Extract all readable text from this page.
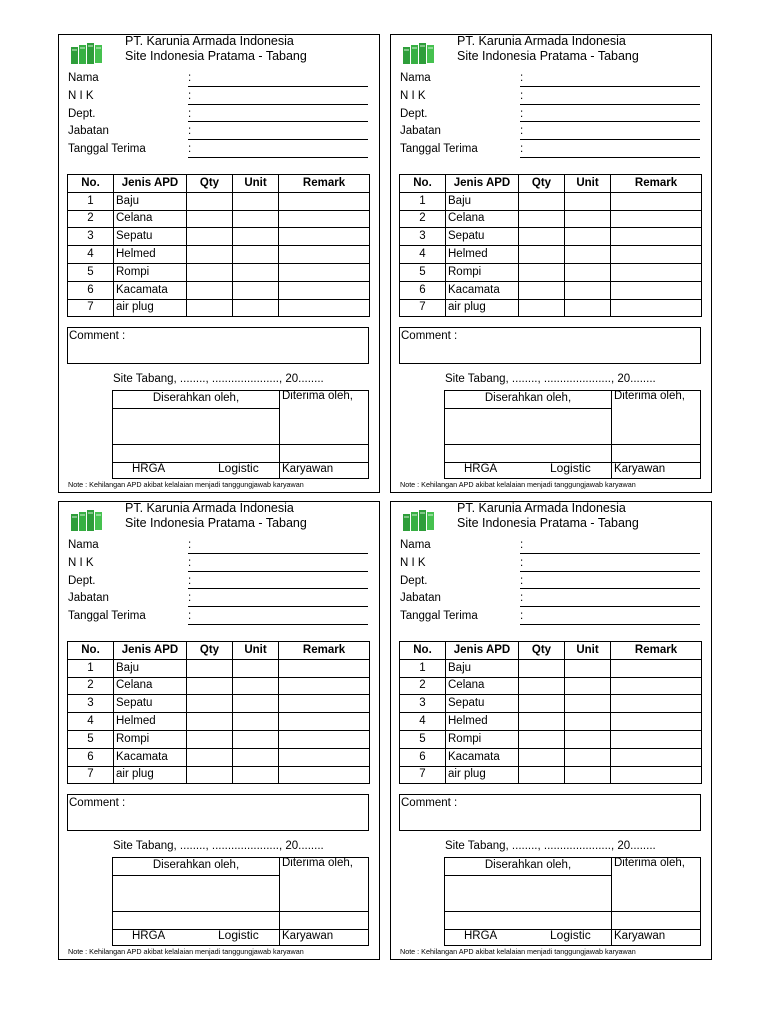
PT. Karunia Armada Indonesia
Site Indonesia Pratama - Tabang
Nama	:
N I K	:
Dept.	:
Jabatan	:
Tanggal Terima	:
No.	Jenis APD	Qty	Unit	Remark
1	Baju			
2	Celana			
3	Sepatu			
4	Helmed			
5	Rompi			
6	Kacamata			
7	air plug			
Comment :
Site Tabang, ........, ....................., 20........
Diserahkan oleh,	Diterima oleh,
HRGA	Logistic Karyawan
Note : Kehilangan APD akibat kelalaian menjadi tanggungjawab karyawan
PT. Karunia Armada Indonesia
Site Indonesia Pratama - Tabang
Nama	:
N I K	:
Dept.	:
Jabatan	:
Tanggal Terima	:
No.	Jenis APD	Qty	Unit	Remark
1	Baju			
2	Celana			
3	Sepatu			
4	Helmed			
5	Rompi			
6	Kacamata			
7	air plug			
Comment :
Site Tabang, ........, ....................., 20........
Diserahkan oleh,	Diterima oleh,
HRGA	Logistic Karyawan
Note : Kehilangan APD akibat kelalaian menjadi tanggungjawab karyawan
PT. Karunia Armada Indonesia
Site Indonesia Pratama - Tabang
Nama	:
N I K	:
Dept.	:
Jabatan	:
Tanggal Terima	:
No.	Jenis APD	Qty	Unit	Remark
1	Baju			
2	Celana			
3	Sepatu			
4	Helmed			
5	Rompi			
6	Kacamata			
7	air plug			
Comment :
Site Tabang, ........, ....................., 20........
Diserahkan oleh,	Diterima oleh,
HRGA	Logistic Karyawan
Note : Kehilangan APD akibat kelalaian menjadi tanggungjawab karyawan
PT. Karunia Armada Indonesia
Site Indonesia Pratama - Tabang
Nama	:
N I K	:
Dept.	:
Jabatan	:
Tanggal Terima	:
No.	Jenis APD	Qty	Unit	Remark
1	Baju			
2	Celana			
3	Sepatu			
4	Helmed			
5	Rompi			
6	Kacamata			
7	air plug			
Comment :
Site Tabang, ........, ....................., 20........
Diserahkan oleh,	Diterima oleh,
HRGA	Logistic Karyawan
Note : Kehilangan APD akibat kelalaian menjadi tanggungjawab karyawan
